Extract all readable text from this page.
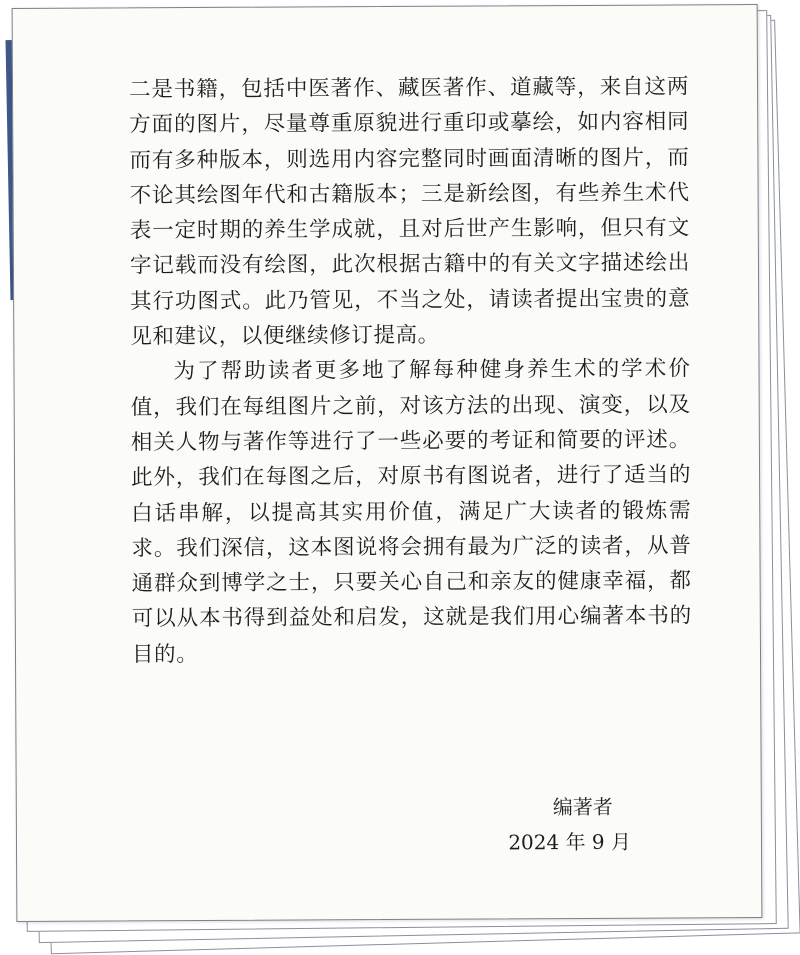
二是书籍，包括中医著作、藏医著作、道藏等，来自这两方面的图片，尽量尊重原貌进行重印或摹绘，如内容相同而有多种版本，则选用内容完整同时画面清晰的图片，而不论其绘图年代和古籍版本；三是新绘图，有些养生术代表一定时期的养生学成就，且对后世产生影响，但只有文字记载而没有绘图，此次根据古籍中的有关文字描述绘出其行功图式。此乃管见，不当之处，请读者提出宝贵的意见和建议，以便继续修订提高。

为了帮助读者更多地了解每种健身养生术的学术价值，我们在每组图片之前，对该方法的出现、演变，以及相关人物与著作等进行了一些必要的考证和简要的评述。此外，我们在每图之后，对原书有图说者，进行了适当的白话串解，以提高其实用价值，满足广大读者的锻炼需求。我们深信，这本图说将会拥有最为广泛的读者，从普通群众到博学之士，只要关心自己和亲友的健康幸福，都可以从本书得到益处和启发，这就是我们用心编著本书的目的。

编著者
2024 年 9 月
